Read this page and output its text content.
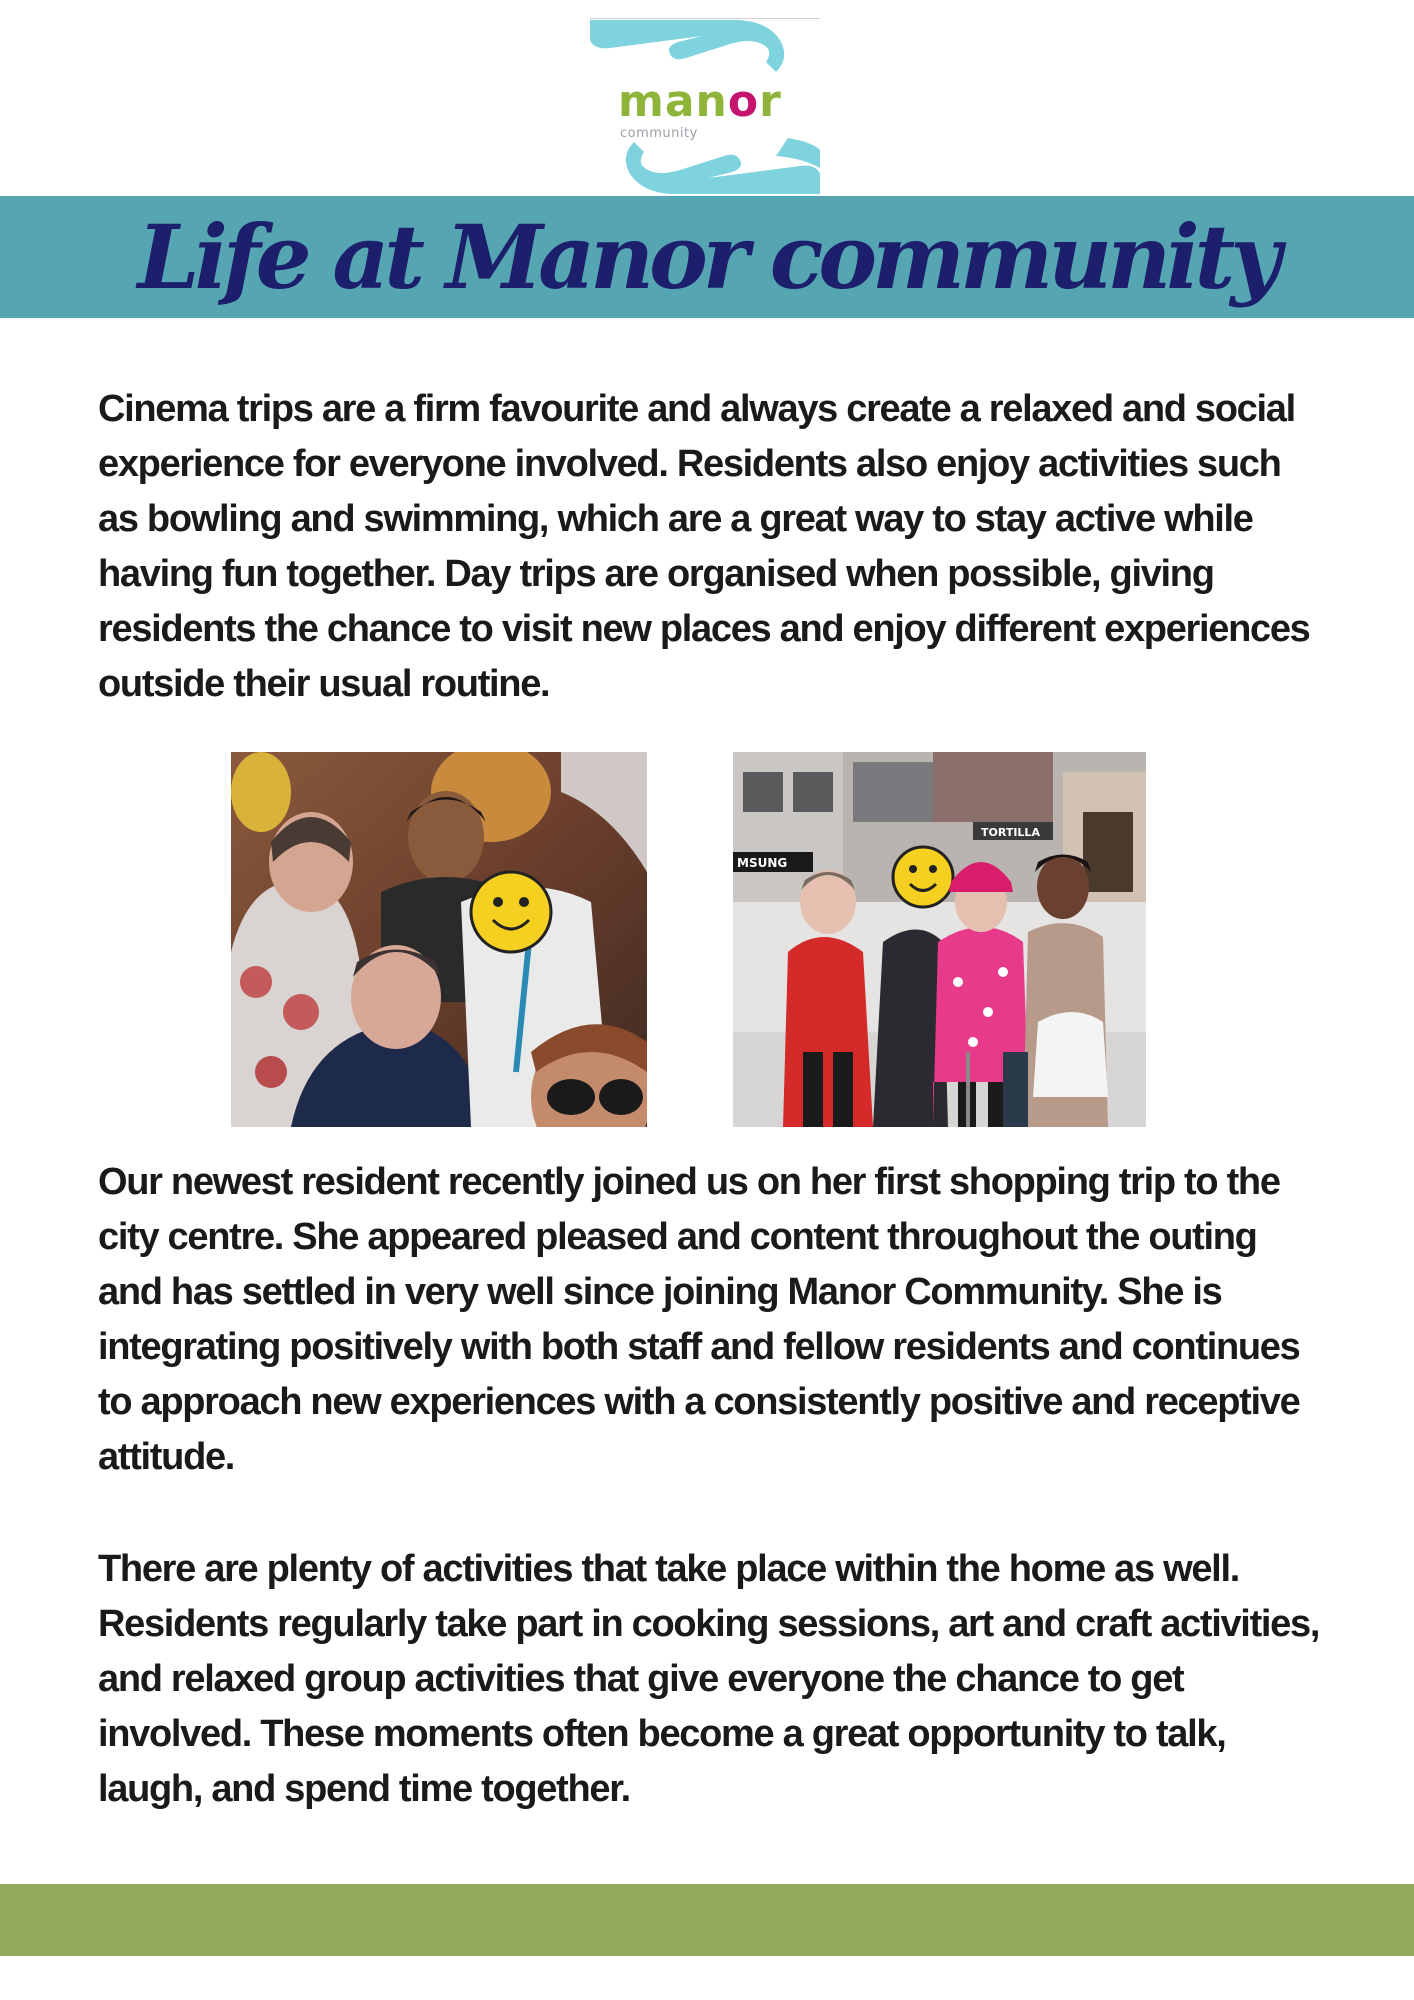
manor
community
Life at Manor community

Cinema trips are a firm favourite and always create a relaxed and social experience for everyone involved. Residents also enjoy activities such as bowling and swimming, which are a great way to stay active while having fun together. Day trips are organised when possible, giving residents the chance to visit new places and enjoy different experiences outside their usual routine.

MSUNG
TORTILLA

Our newest resident recently joined us on her first shopping trip to the city centre. She appeared pleased and content throughout the outing and has settled in very well since joining Manor Community. She is integrating positively with both staff and fellow residents and continues to approach new experiences with a consistently positive and receptive attitude.

There are plenty of activities that take place within the home as well. Residents regularly take part in cooking sessions, art and craft activities, and relaxed group activities that give everyone the chance to get involved. These moments often become a great opportunity to talk, laugh, and spend time together.
